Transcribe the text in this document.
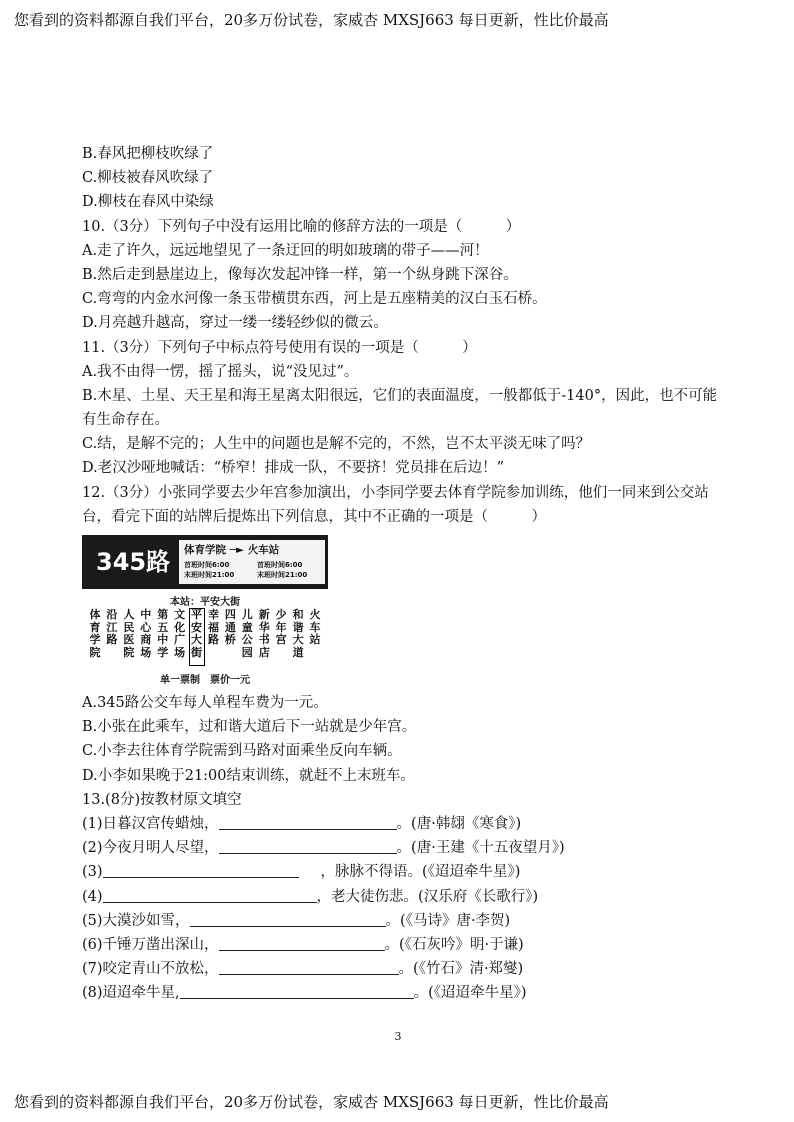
您看到的资料都源自我们平台，20多万份试卷，家威杏 MXSJ663 每日更新，性比价最高
B.春风把柳枝吹绿了
C.柳枝被春风吹绿了
D.柳枝在春风中染绿
10.（3分）下列句子中没有运用比喻的修辞方法的一项是（　　　）
A.走了许久，远远地望见了一条迂回的明如玻璃的带子——河！
B.然后走到悬崖边上，像每次发起冲锋一样，第一个纵身跳下深谷。
C.弯弯的内金水河像一条玉带横贯东西，河上是五座精美的汉白玉石桥。
D.月亮越升越高，穿过一缕一缕轻纱似的微云。
11.（3分）下列句子中标点符号使用有误的一项是（　　　）
A.我不由得一愣，摇了摇头，说“没见过”。
B.木星、土星、天王星和海王星离太阳很远，它们的表面温度，一般都低于-140°，因此，也不可能有生命存在。
C.结，是解不完的；人生中的问题也是解不完的，不然，岂不太平淡无味了吗？
D.老汉沙哑地喊话：“桥窄！排成一队，不要挤！党员排在后边！”
12.（3分）小张同学要去少年宫参加演出，小李同学要去体育学院参加训练，他们一同来到公交站台，看完下面的站牌后提炼出下列信息，其中不正确的一项是（　　　）
345路 体育学院 ─► 火车站
首班时间6:00
末班时间21:00
首班时间6:00
末班时间21:00
本站：平安大街
体育学院
沿江路
人民医院
中心商场
第五中学
文化广场
平安大街
幸福路
四通桥
儿童公园
新华书店
少年宫
和谐大道
火车站
单一票制　票价一元
A.345路公交车每人单程车费为一元。
B.小张在此乘车，过和谐大道后下一站就是少年宫。
C.小李去往体育学院需到马路对面乘坐反向车辆。
D.小李如果晚于21:00结束训练，就赶不上末班车。
13.(8分)按教材原文填空
(1)日暮汉宫传蜡烛，	。(唐·韩翃《寒食》)
(2)今夜月明人尽望，	。(唐·王建《十五夜望月》)
(3)	，脉脉不得语。(《迢迢牵牛星》)
(4)	，老大徒伤悲。(汉乐府《长歌行》)
(5)大漠沙如雪，	。(《马诗》唐·李贺)
(6)千锤万凿出深山，	。(《石灰吟》明·于谦)
(7)咬定青山不放松，	。(《竹石》清·郑燮)
(8)迢迢牵牛星,	。(《迢迢牵牛星》)
3
您看到的资料都源自我们平台，20多万份试卷，家威杏 MXSJ663 每日更新，性比价最高
